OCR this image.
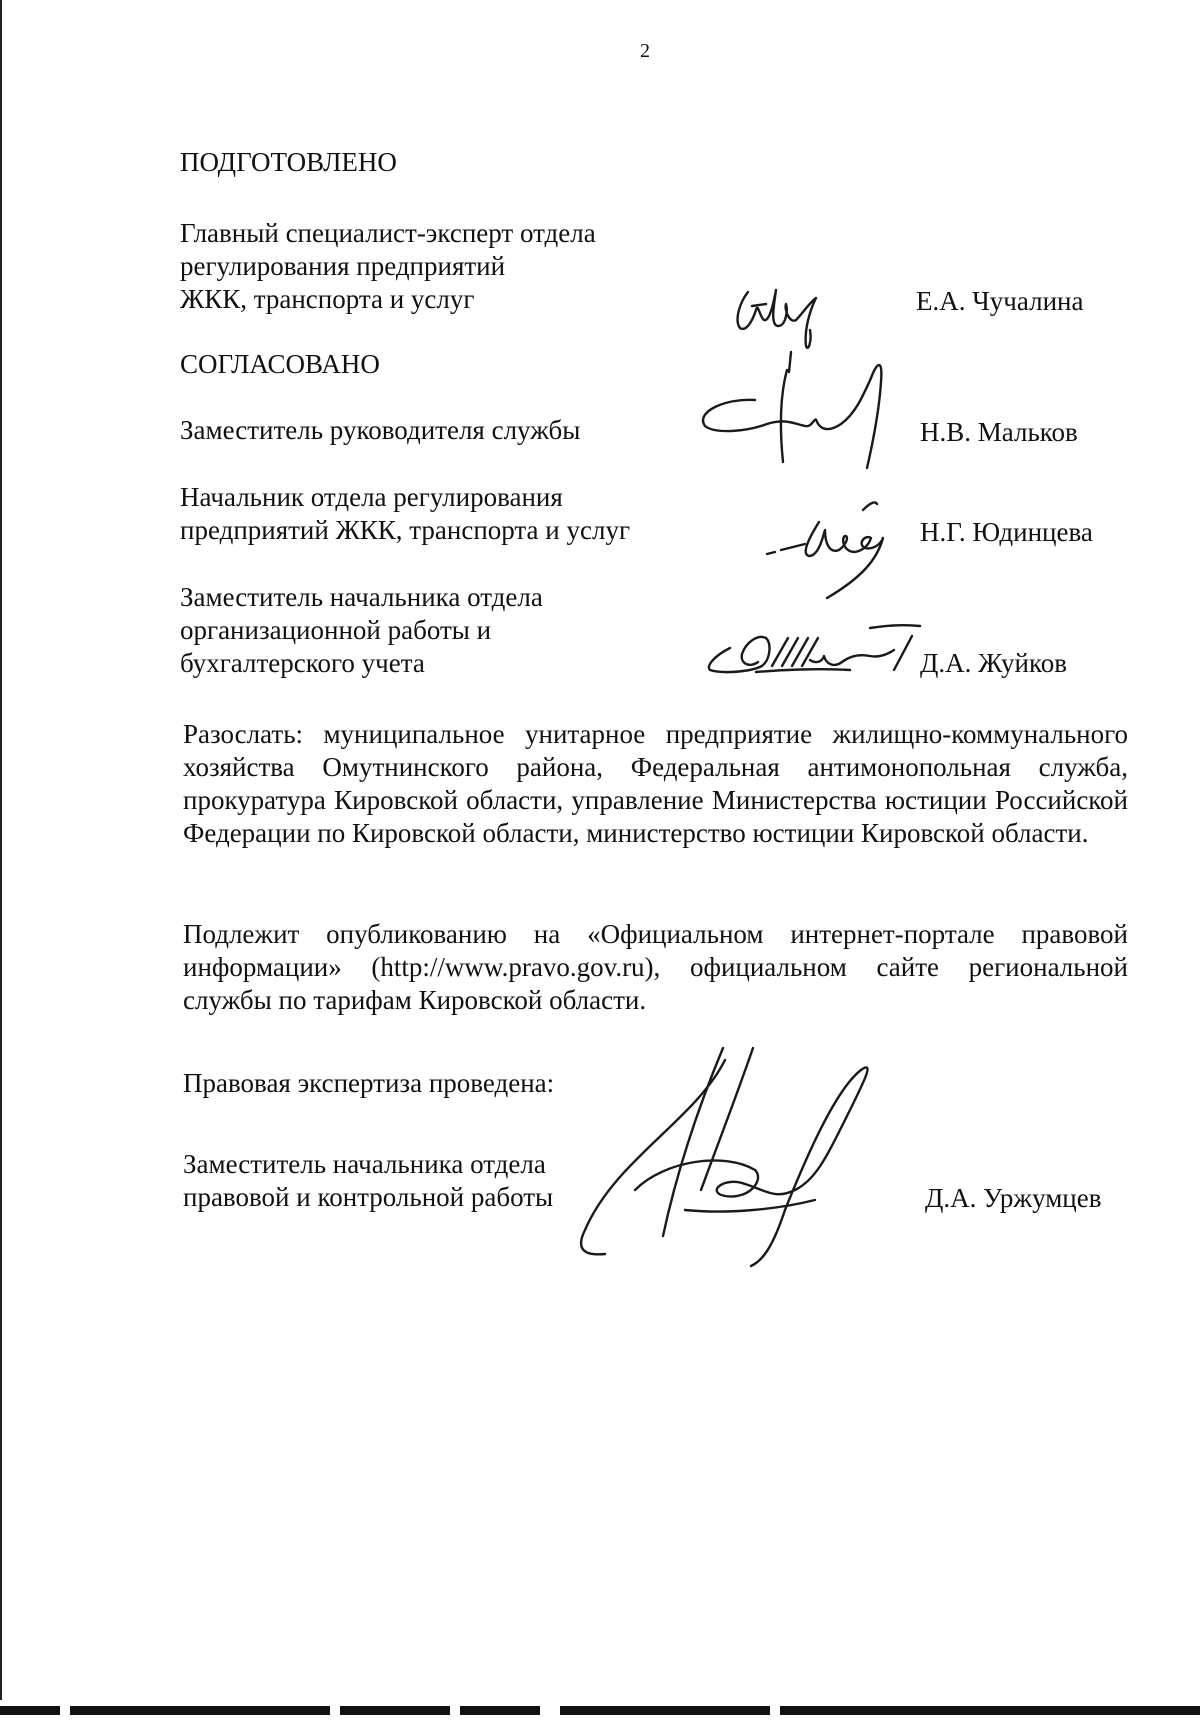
2
ПОДГОТОВЛЕНО
Главный специалист-эксперт отдела
регулирования предприятий
ЖКК, транспорта и услуг	Е.А. Чучалина
СОГЛАСОВАНО
Заместитель руководителя службы	Н.В. Мальков
Начальник отдела регулирования
предприятий ЖКК, транспорта и услуг	Н.Г. Юдинцева
Заместитель начальника отдела
организационной работы и
бухгалтерского учета	Д.А. Жуйков
Разослать: муниципальное унитарное предприятие жилищно-коммунального хозяйства Омутнинского района, Федеральная антимонопольная служба, прокуратура Кировской области, управление Министерства юстиции Российской Федерации по Кировской области, министерство юстиции Кировской области.
Подлежит опубликованию на «Официальном интернет-портале правовой информации» (http://www.pravo.gov.ru), официальном сайте региональной службы по тарифам Кировской области.
Правовая экспертиза проведена:
Заместитель начальника отдела
правовой и контрольной работы	Д.А. Уржумцев
